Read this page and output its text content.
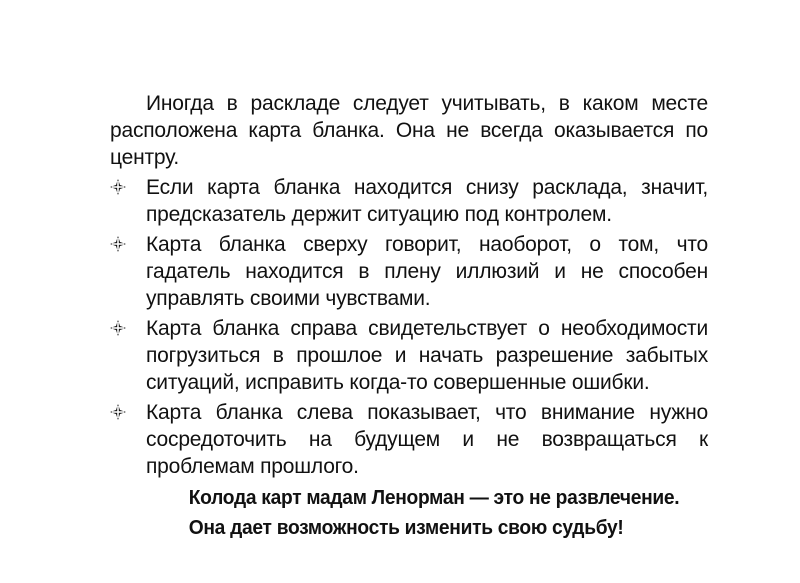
Иногда в раскладе следует учитывать, в каком месте расположена карта бланка. Она не всегда оказывается по центру.

Если карта бланка находится снизу расклада, значит, предсказатель держит ситуацию под контролем.
Карта бланка сверху говорит, наоборот, о том, что гадатель находится в плену иллюзий и не способен управлять своими чувствами.
Карта бланка справа свидетельствует о необходимости погрузиться в прошлое и начать разрешение забытых ситуаций, исправить когда-то совершенные ошибки.
Карта бланка слева показывает, что внимание нужно сосредоточить на будущем и не возвращаться к проблемам прошлого.
Колода карт мадам Ленорман — это не развлечение.
Она дает возможность изменить свою судьбу!
